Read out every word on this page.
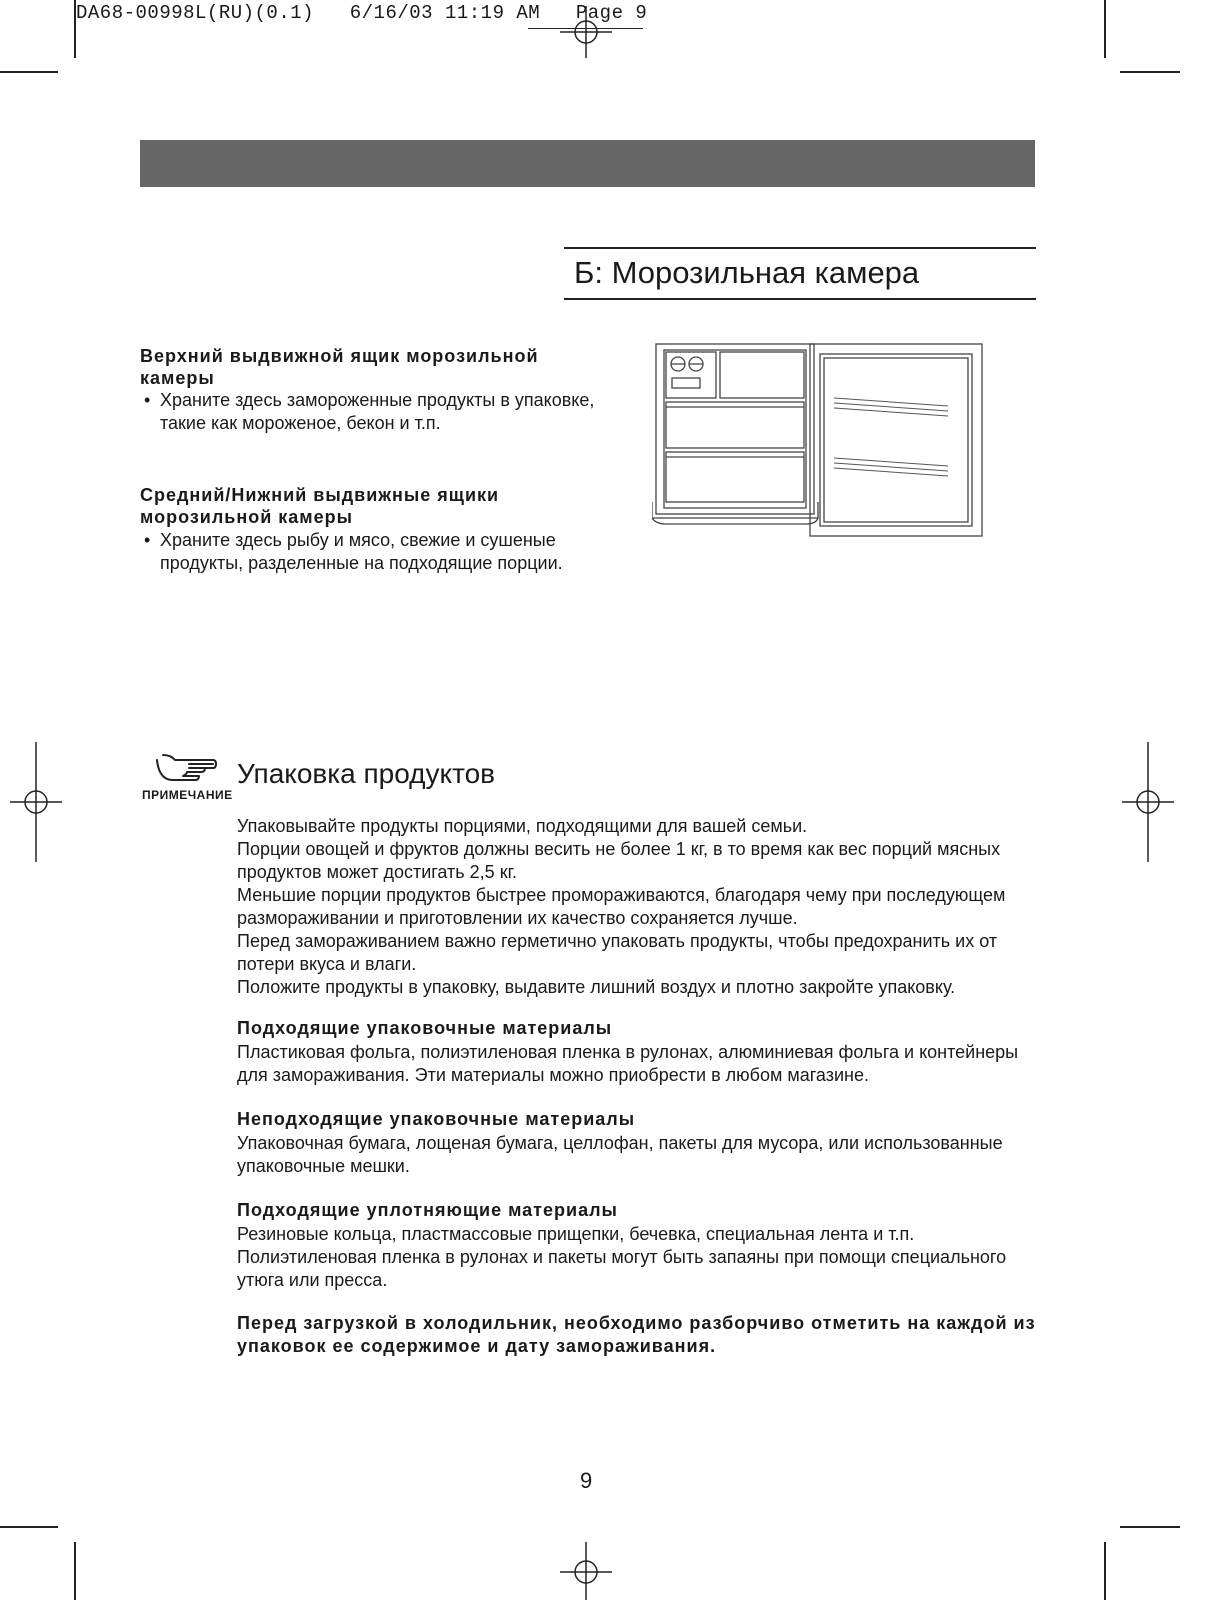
DA68-00998L(RU)(0.1)   6/16/03 11:19 AM   Page 9
Б: Морозильная камера
Верхний выдвижной ящик морозильной камеры
• Храните здесь замороженные продукты в упаковке, такие как мороженое, бекон и т.п.
Средний/Нижний выдвижные ящики морозильной камеры
• Храните здесь рыбу и мясо, свежие и сушеные продукты, разделенные на подходящие порции.
ПРИМЕЧАНИЕ
Упаковка продуктов
Упаковывайте продукты порциями, подходящими для вашей семьи.
Порции овощей и фруктов должны весить не более 1 кг, в то время как вес порций мясных продуктов может достигать 2,5 кг.
Меньшие порции продуктов быстрее промораживаются, благодаря чему при последующем размораживании и приготовлении их качество сохраняется лучше.
Перед замораживанием важно герметично упаковать продукты, чтобы предохранить их от потери вкуса и влаги.
Положите продукты в упаковку, выдавите лишний воздух и плотно закройте упаковку.
Подходящие упаковочные материалы
Пластиковая фольга, полиэтиленовая пленка в рулонах, алюминиевая фольга и контейнеры для замораживания. Эти материалы можно приобрести в любом магазине.
Неподходящие упаковочные материалы
Упаковочная бумага, лощеная бумага, целлофан, пакеты для мусора, или использованные упаковочные мешки.
Подходящие уплотняющие материалы
Резиновые кольца, пластмассовые прищепки, бечевка, специальная лента и т.п.
Полиэтиленовая пленка в рулонах и пакеты могут быть запаяны при помощи специального утюга или пресса.
Перед загрузкой в холодильник, необходимо разборчиво отметить на каждой из упаковок ее содержимое и дату замораживания.
9
